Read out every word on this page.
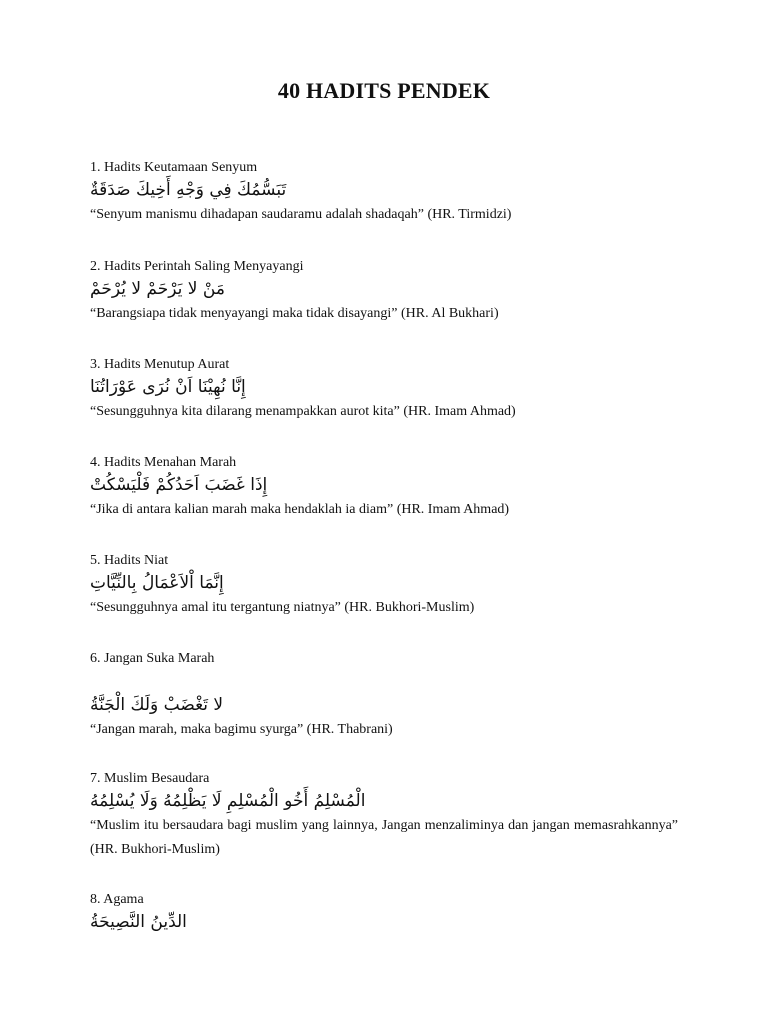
40 HADITS PENDEK
1. Hadits Keutamaan Senyum
تَبَسُّمُكَ فِي وَجْهِ أَخِيكَ صَدَقَةٌ
“Senyum manismu dihadapan saudaramu adalah shadaqah” (HR. Tirmidzi)
2. Hadits Perintah Saling Menyayangi
مَنْ لا يَرْحَمْ لا يُرْحَمْ
“Barangsiapa tidak menyayangi maka tidak disayangi” (HR. Al Bukhari)
3. Hadits Menutup Aurat
إِنَّا نُهِيْنَا اَنْ نُرَى عَوْرَاتُنَا
“Sesungguhnya kita dilarang menampakkan aurot kita” (HR. Imam Ahmad)
4. Hadits Menahan Marah
إِذَا غَضَبَ اَحَدُكُمْ فَلْيَسْكُتْ
“Jika di antara kalian marah maka hendaklah ia diam” (HR. Imam Ahmad)
5. Hadits Niat
إِنَّمَا اْلاَعْمَالُ بِالنِّيَّاتِ
“Sesungguhnya amal itu tergantung niatnya” (HR. Bukhori-Muslim)
6. Jangan Suka Marah
لا تَغْضَبْ وَلَكَ الْجَنَّةُ
“Jangan marah, maka bagimu syurga” (HR. Thabrani)
7. Muslim Besaudara
الْمُسْلِمُ أَخُو الْمُسْلِمِ لَا يَظْلِمُهُ وَلَا يُسْلِمُهُ
“Muslim itu bersaudara bagi muslim yang lainnya, Jangan menzaliminya dan jangan memasrahkannya” (HR. Bukhori-Muslim)
8. Agama
الدِّينُ النَّصِيحَةُ
